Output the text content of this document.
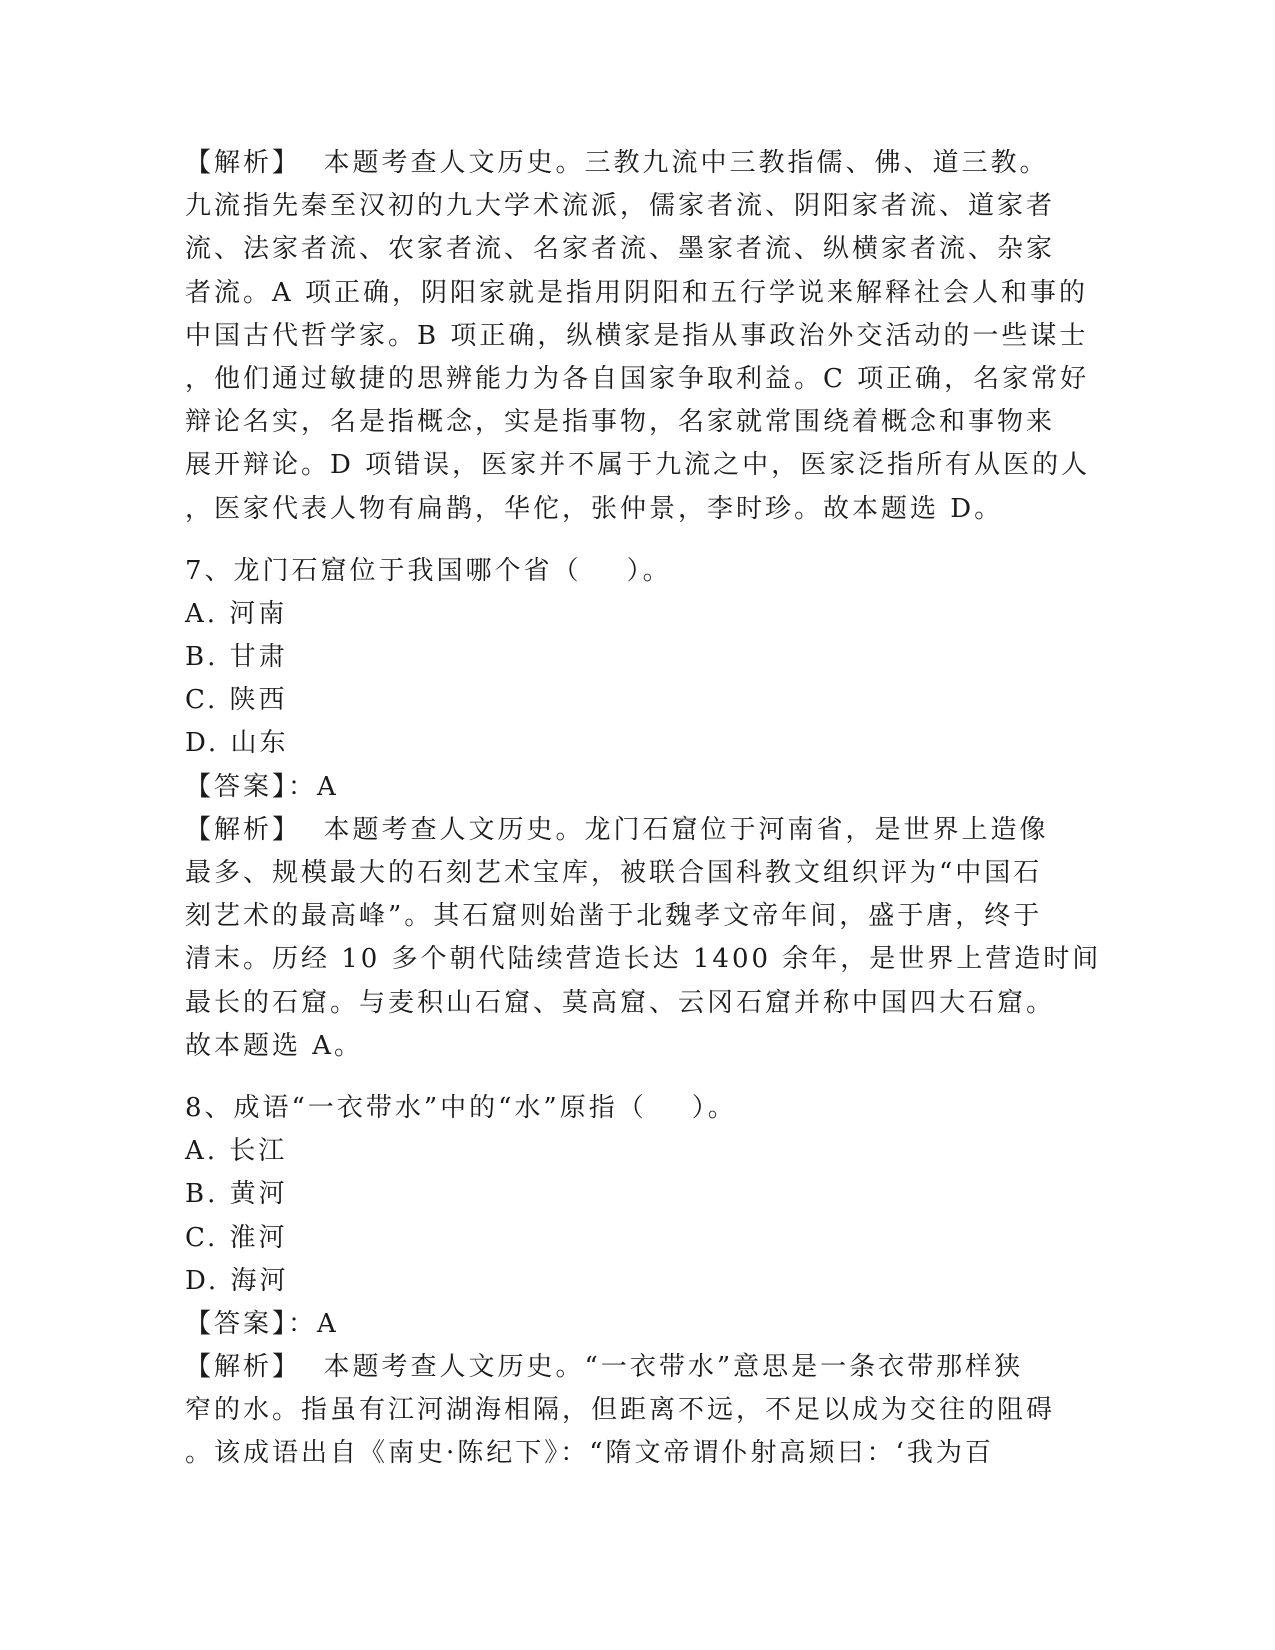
【解析】  本题考查人文历史。三教九流中三教指儒、佛、道三教。
九流指先秦至汉初的九大学术流派，儒家者流、阴阳家者流、道家者
流、法家者流、农家者流、名家者流、墨家者流、纵横家者流、杂家
者流。A 项正确，阴阳家就是指用阴阳和五行学说来解释社会人和事的
中国古代哲学家。B 项正确，纵横家是指从事政治外交活动的一些谋士
，他们通过敏捷的思辨能力为各自国家争取利益。C 项正确，名家常好
辩论名实，名是指概念，实是指事物，名家就常围绕着概念和事物来
展开辩论。D 项错误，医家并不属于九流之中，医家泛指所有从医的人
，医家代表人物有扁鹊，华佗，张仲景，李时珍。故本题选 D。
7、龙门石窟位于我国哪个省（    ）。
A. 河南
B. 甘肃
C. 陕西
D. 山东
【答案】：A
【解析】  本题考查人文历史。龙门石窟位于河南省，是世界上造像
最多、规模最大的石刻艺术宝库，被联合国科教文组织评为“中国石
刻艺术的最高峰”。其石窟则始凿于北魏孝文帝年间，盛于唐，终于
清末。历经 10 多个朝代陆续营造长达 1400 余年，是世界上营造时间
最长的石窟。与麦积山石窟、莫高窟、云冈石窟并称中国四大石窟。
故本题选 A。
8、成语“一衣带水”中的“水”原指（    ）。
A. 长江
B. 黄河
C. 淮河
D. 海河
【答案】：A
【解析】  本题考查人文历史。“一衣带水”意思是一条衣带那样狭
窄的水。指虽有江河湖海相隔，但距离不远，不足以成为交往的阻碍
。该成语出自《南史·陈纪下》：“隋文帝谓仆射高颎曰：‘我为百
